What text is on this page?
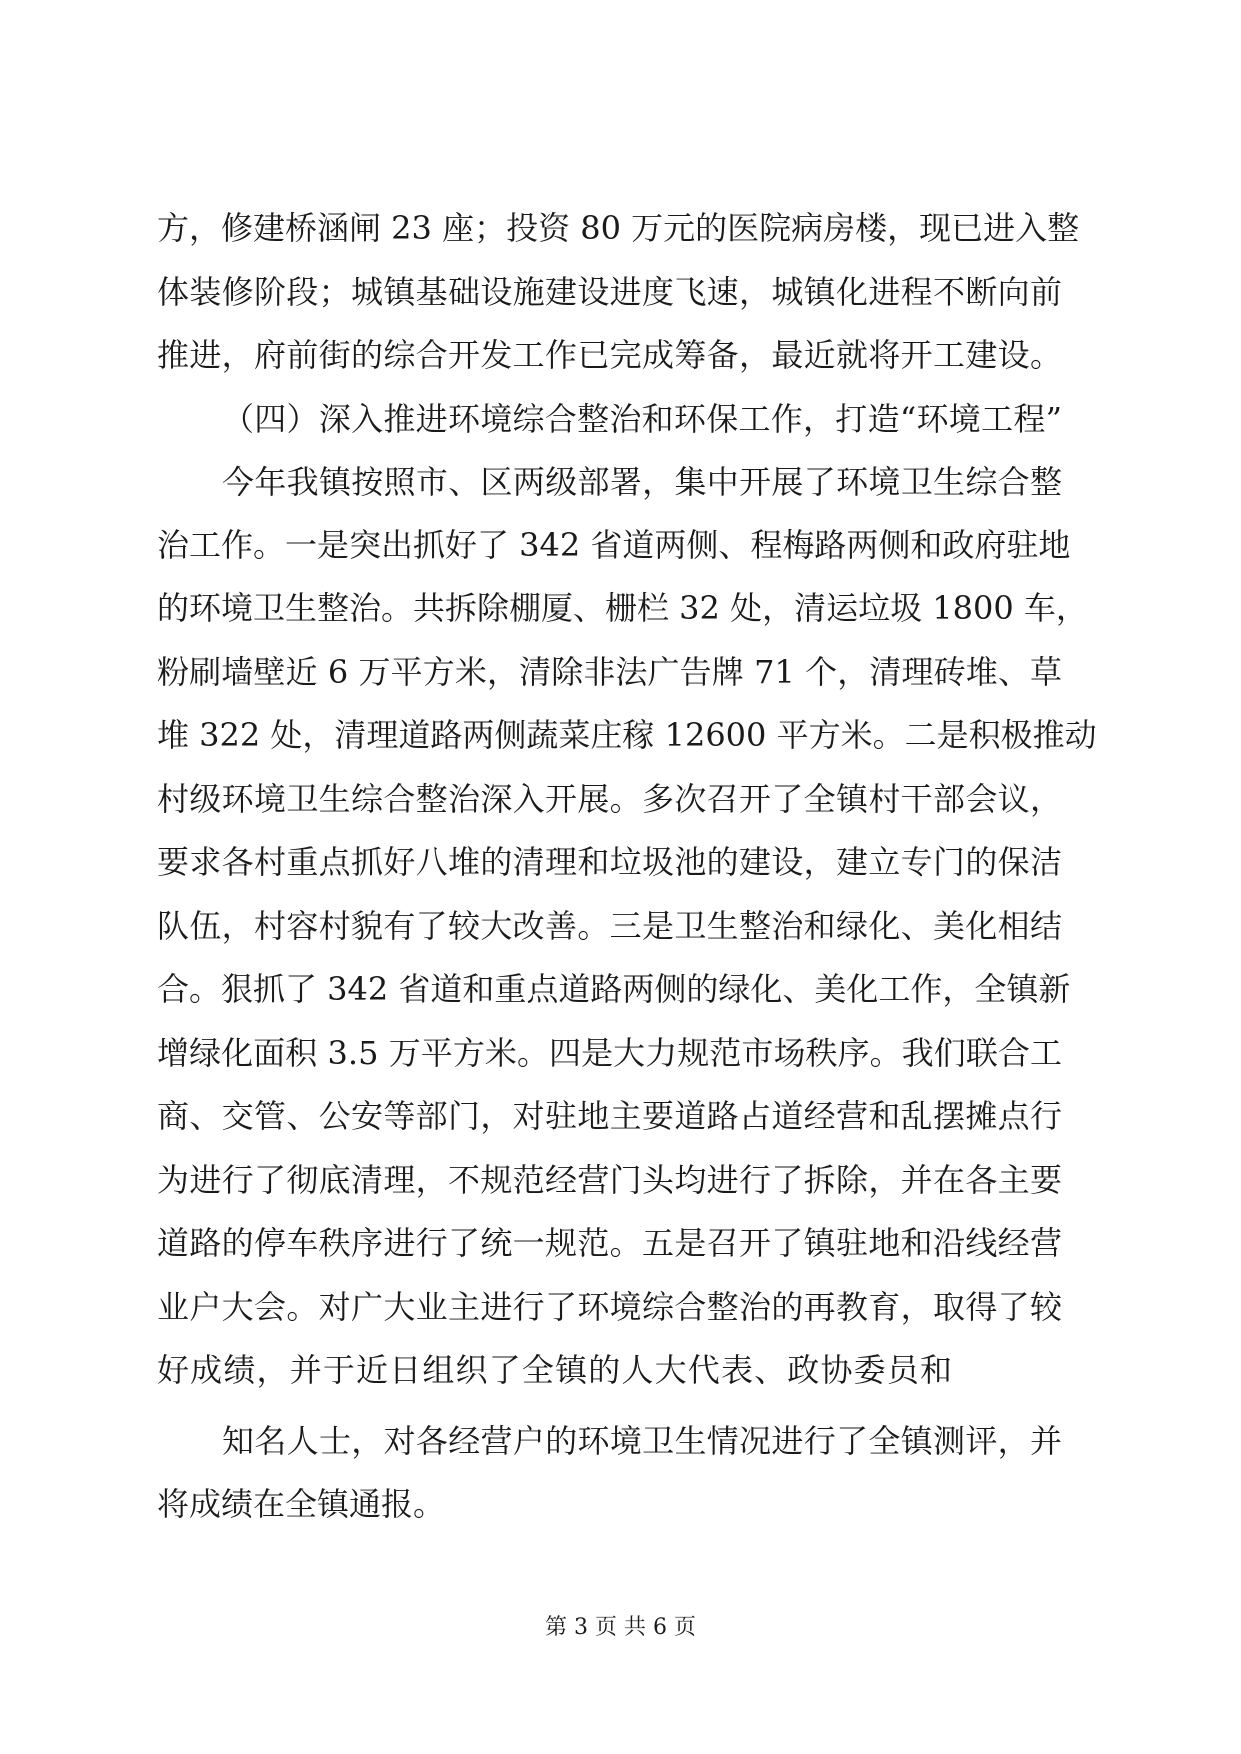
方，修建桥涵闸 23 座；投资 80 万元的医院病房楼，现已进入整

体装修阶段；城镇基础设施建设进度飞速，城镇化进程不断向前

推进，府前街的综合开发工作已完成筹备，最近就将开工建设。

（四）深入推进环境综合整治和环保工作，打造“环境工程”

今年我镇按照市、区两级部署，集中开展了环境卫生综合整

治工作。一是突出抓好了 342 省道两侧、程梅路两侧和政府驻地

的环境卫生整治。共拆除棚厦、栅栏 32 处，清运垃圾 1800 车，

粉刷墙壁近 6 万平方米，清除非法广告牌 71 个，清理砖堆、草

堆 322 处，清理道路两侧蔬菜庄稼 12600 平方米。二是积极推动

村级环境卫生综合整治深入开展。多次召开了全镇村干部会议，

要求各村重点抓好八堆的清理和垃圾池的建设，建立专门的保洁

队伍，村容村貌有了较大改善。三是卫生整治和绿化、美化相结

合。狠抓了 342 省道和重点道路两侧的绿化、美化工作，全镇新

增绿化面积 3.5 万平方米。四是大力规范市场秩序。我们联合工

商、交管、公安等部门，对驻地主要道路占道经营和乱摆摊点行

为进行了彻底清理，不规范经营门头均进行了拆除，并在各主要

道路的停车秩序进行了统一规范。五是召开了镇驻地和沿线经营

业户大会。对广大业主进行了环境综合整治的再教育，取得了较

好成绩，并于近日组织了全镇的人大代表、政协委员和

知名人士，对各经营户的环境卫生情况进行了全镇测评，并

将成绩在全镇通报。

第 3 页 共 6 页
